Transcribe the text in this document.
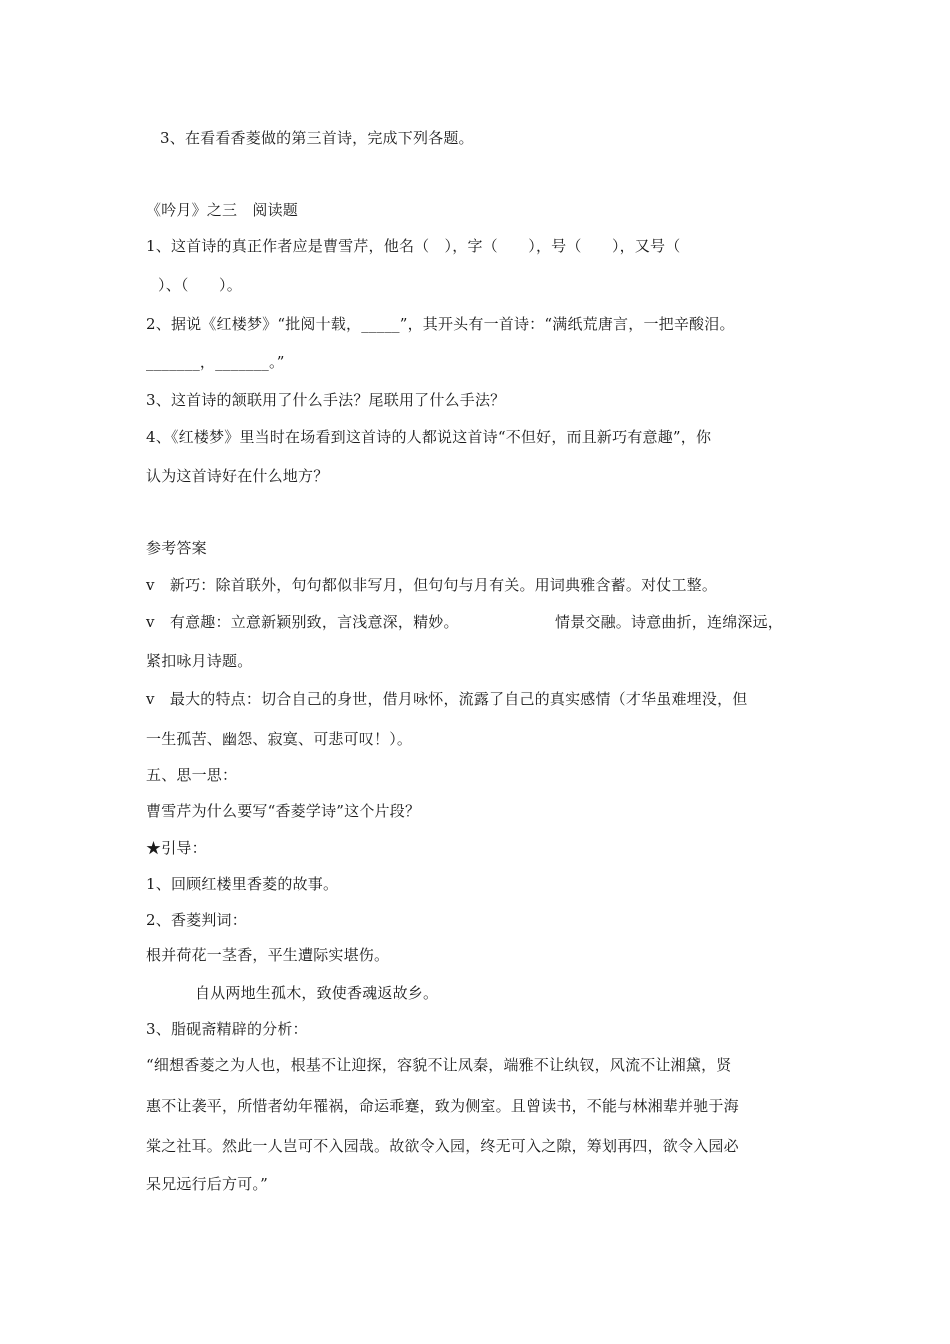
3、在看看香菱做的第三首诗，完成下列各题。
《吟月》之三　阅读题
1、这首诗的真正作者应是曹雪芹，他名（　），字（　　），号（　　），又号（
）、（　　）。
2、据说《红楼梦》“批阅十载，_____”，其开头有一首诗：“满纸荒唐言，一把辛酸泪。
_______，_______。”
3、这首诗的颔联用了什么手法？尾联用了什么手法？
4、《红楼梦》里当时在场看到这首诗的人都说这首诗“不但好，而且新巧有意趣”，你
认为这首诗好在什么地方？
参考答案
v　新巧：除首联外，句句都似非写月，但句句与月有关。用词典雅含蓄。对仗工整。
v　有意趣：立意新颖别致，言浅意深，精妙。	情景交融。诗意曲折，连绵深远，
紧扣咏月诗题。
v　最大的特点：切合自己的身世，借月咏怀，流露了自己的真实感情（才华虽难埋没，但
一生孤苦、幽怨、寂寞、可悲可叹！）。
五、思一思：
曹雪芹为什么要写“香菱学诗”这个片段？
★引导：
1、回顾红楼里香菱的故事。
2、香菱判词：
根并荷花一茎香，平生遭际实堪伤。
自从两地生孤木，致使香魂返故乡。
3、脂砚斋精辟的分析：
“细想香菱之为人也，根基不让迎探，容貌不让凤秦，端雅不让纨钗，风流不让湘黛，贤
惠不让袭平，所惜者幼年罹祸，命运乖蹇，致为侧室。且曾读书，不能与林湘辈并驰于海
棠之社耳。然此一人岂可不入园哉。故欲令入园，终无可入之隙，筹划再四，欲令入园必
呆兄远行后方可。”
